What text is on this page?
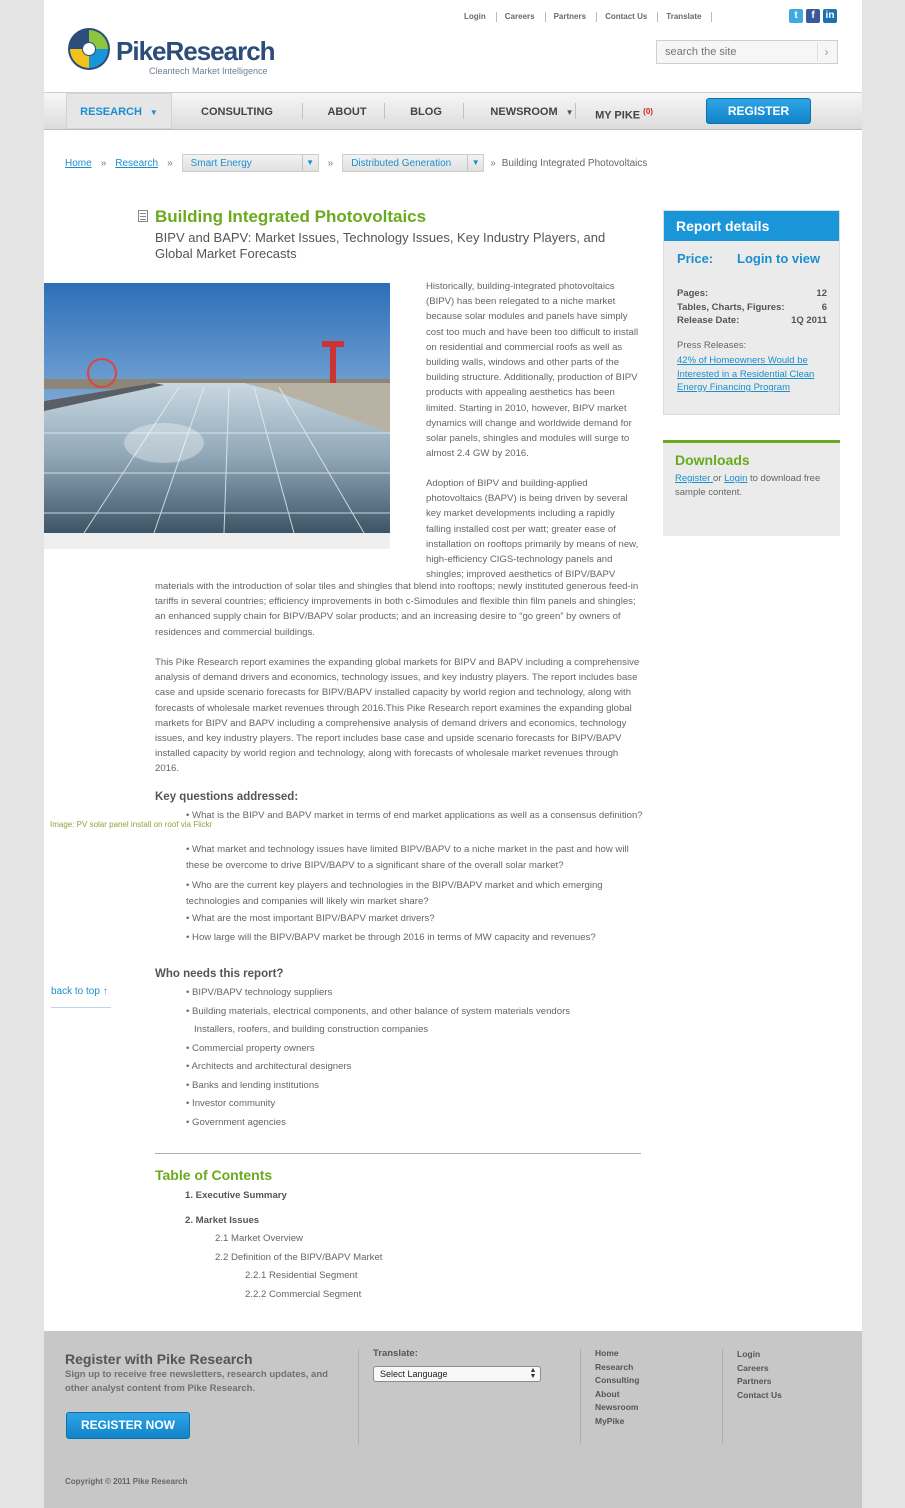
PikeResearch
Cleantech Market Intelligence
Login	Careers	Partners	Contact Us	Translate	t	f	in
search the site
›
RESEARCH ▼	CONSULTING	ABOUT	BLOG	NEWSROOM ▼	MY PIKE $^{(0)}$	REGISTER
Home » Research » Smart Energy	▼	» Distributed Generation	▼	» Building Integrated Photovoltaics
Building Integrated Photovoltaics
BIPV and BAPV: Market Issues, Technology Issues, Key Industry Players, and Global Market Forecasts
Image: PV solar panel install on roof via Flickr
Historically, building-integrated photovoltaics (BIPV) has been relegated to a niche market because solar modules and panels have simply cost too much and have been too difficult to install on residential and commercial roofs as well as building walls, windows and other parts of the building structure. Additionally, production of BIPV products with appealing aesthetics has been limited. Starting in 2010, however, BIPV market dynamics will change and worldwide demand for solar panels, shingles and modules will surge to almost 2.4 GW by 2016.
Adoption of BIPV and building-applied photovoltaics (BAPV) is being driven by several key market developments including a rapidly falling installed cost per watt; greater ease of installation on rooftops primarily by means of new, high-efficiency CIGS-technology panels and shingles; improved aesthetics of BIPV/BAPV
materials with the introduction of solar tiles and shingles that blend into rooftops; newly instituted generous feed-in tariffs in several countries; efficiency improvements in both c-Simodules and flexible thin film panels and shingles; an enhanced supply chain for BIPV/BAPV solar products; and an increasing desire to “go green” by owners of residences and commercial buildings.
This Pike Research report examines the expanding global markets for BIPV and BAPV including a comprehensive analysis of demand drivers and economics, technology issues, and key industry players. The report includes base case and upside scenario forecasts for BIPV/BAPV installed capacity by world region and technology, along with forecasts of wholesale market revenues through 2016.This Pike Research report examines the expanding global markets for BIPV and BAPV including a comprehensive analysis of demand drivers and economics, technology issues, and key industry players. The report includes base case and upside scenario forecasts for BIPV/BAPV installed capacity by world region and technology, along with forecasts of wholesale market revenues through 2016.
Key questions addressed:
• What is the BIPV and BAPV market in terms of end market applications as well as a consensus definition?
• What market and technology issues have limited BIPV/BAPV to a niche market in the past and how will these be overcome to drive BIPV/BAPV to a significant share of the overall solar market?
• Who are the current key players and technologies in the BIPV/BAPV market and which emerging technologies and companies will likely win market share?
• What are the most important BIPV/BAPV market drivers?
• How large will the BIPV/BAPV market be through 2016 in terms of MW capacity and revenues?
back to top ↑
Who needs this report?
• BIPV/BAPV technology suppliers
• Building materials, electrical components, and other balance of system materials vendors
Installers, roofers, and building construction companies
• Commercial property owners
• Architects and architectural designers
• Banks and lending institutions
• Investor community
• Government agencies
Table of Contents
1. Executive Summary
2. Market Issues
2.1 Market Overview
2.2 Definition of the BIPV/BAPV Market
2.2.1 Residential Segment
2.2.2 Commercial Segment
Report details
Price: Login to view
Pages:	12
Tables, Charts, Figures:	6
Release Date:	1Q 2011
Press Releases:
42% of Homeowners Would be Interested in a Residential Clean Energy Financing Program
Downloads
Register or Login to download free sample content.
Register with Pike Research
Sign up to receive free newsletters, research updates, and other analyst content from Pike Research.
REGISTER NOW
Translate:
Select Language	▲
▼
Home
Research
Consulting
About
Newsroom
MyPike
Login
Careers
Partners
Contact Us
Copyright © 2011 Pike Research
